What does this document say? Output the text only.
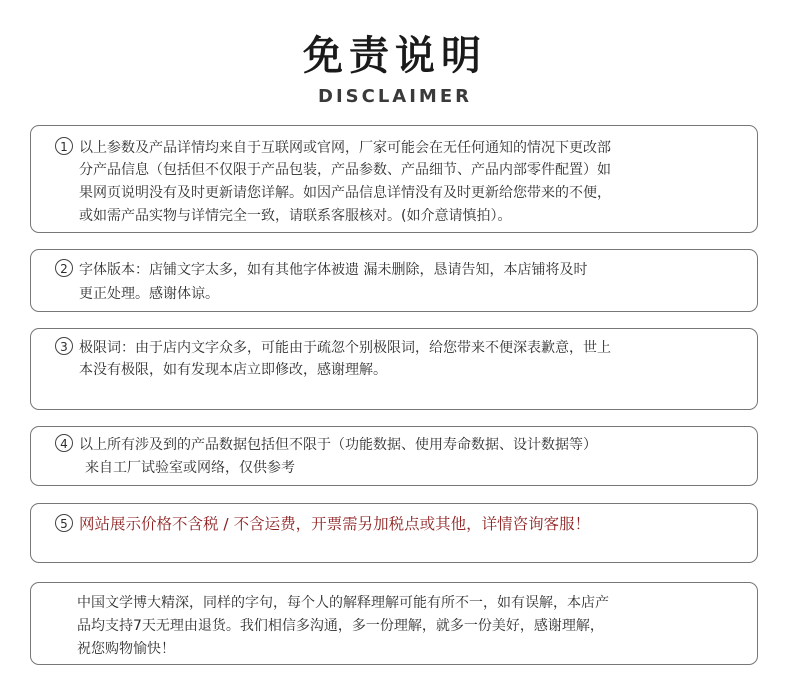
免责说明
DISCLAIMER
1 以上参数及产品详情均来自于互联网或官网，厂家可能会在无任何通知的情况下更改部
分产品信息（包括但不仅限于产品包装，产品参数、产品细节、产品内部零件配置）如
果网页说明没有及时更新请您详解。如因产品信息详情没有及时更新给您带来的不便，
或如需产品实物与详情完全一致，请联系客服核对。(如介意请慎拍）。
2 字体版本：店铺文字太多，如有其他字体被遗 漏未删除，恳请告知，本店铺将及时
更正处理。感谢体谅。
3 极限词：由于店内文字众多，可能由于疏忽个别极限词，给您带来不便深表歉意，世上
本没有极限，如有发现本店立即修改，感谢理解。
4 以上所有涉及到的产品数据包括但不限于（功能数据、使用寿命数据、设计数据等）
来自工厂试验室或网络，仅供参考
5 网站展示价格不含税 / 不含运费，开票需另加税点或其他，详情咨询客服！
中国文学博大精深，同样的字句，每个人的解释理解可能有所不一，如有误解，本店产
品均支持7天无理由退货。我们相信多沟通，多一份理解，就多一份美好，感谢理解，
祝您购物愉快！
